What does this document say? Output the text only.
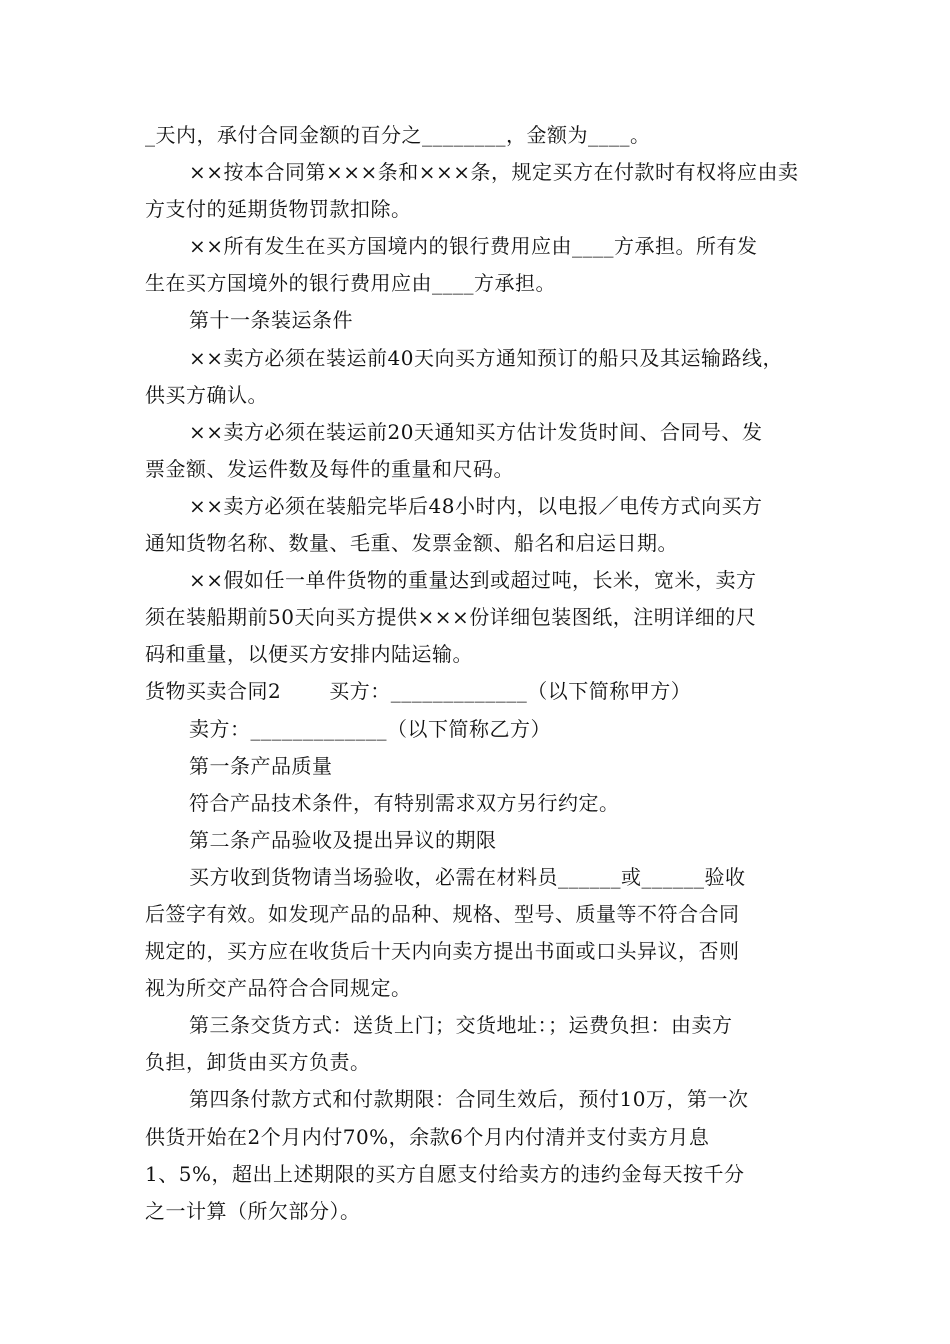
_天内，承付合同金额的百分之________，金额为____。
××按本合同第×××条和×××条，规定买方在付款时有权将应由卖
方支付的延期货物罚款扣除。
××所有发生在买方国境内的银行费用应由____方承担。所有发
生在买方国境外的银行费用应由____方承担。
第十一条装运条件
××卖方必须在装运前40天向买方通知预订的船只及其运输路线，
供买方确认。
××卖方必须在装运前20天通知买方估计发货时间、合同号、发
票金额、发运件数及每件的重量和尺码。
××卖方必须在装船完毕后48小时内，以电报／电传方式向买方
通知货物名称、数量、毛重、发票金额、船名和启运日期。
××假如任一单件货物的重量达到或超过吨，长米，宽米，卖方
须在装船期前50天向买方提供×××份详细包装图纸，注明详细的尺
码和重量，以便买方安排内陆运输。
货物买卖合同2 买方：_____________（以下简称甲方）
卖方：_____________（以下简称乙方）
第一条产品质量
符合产品技术条件，有特别需求双方另行约定。
第二条产品验收及提出异议的期限
买方收到货物请当场验收，必需在材料员______或______验收
后签字有效。如发现产品的品种、规格、型号、质量等不符合合同
规定的，买方应在收货后十天内向卖方提出书面或口头异议，否则
视为所交产品符合合同规定。
第三条交货方式：送货上门；交货地址：；运费负担：由卖方
负担，卸货由买方负责。
第四条付款方式和付款期限：合同生效后，预付10万，第一次
供货开始在2个月内付70%，余款6个月内付清并支付卖方月息
1、5%，超出上述期限的买方自愿支付给卖方的违约金每天按千分
之一计算（所欠部分）。
